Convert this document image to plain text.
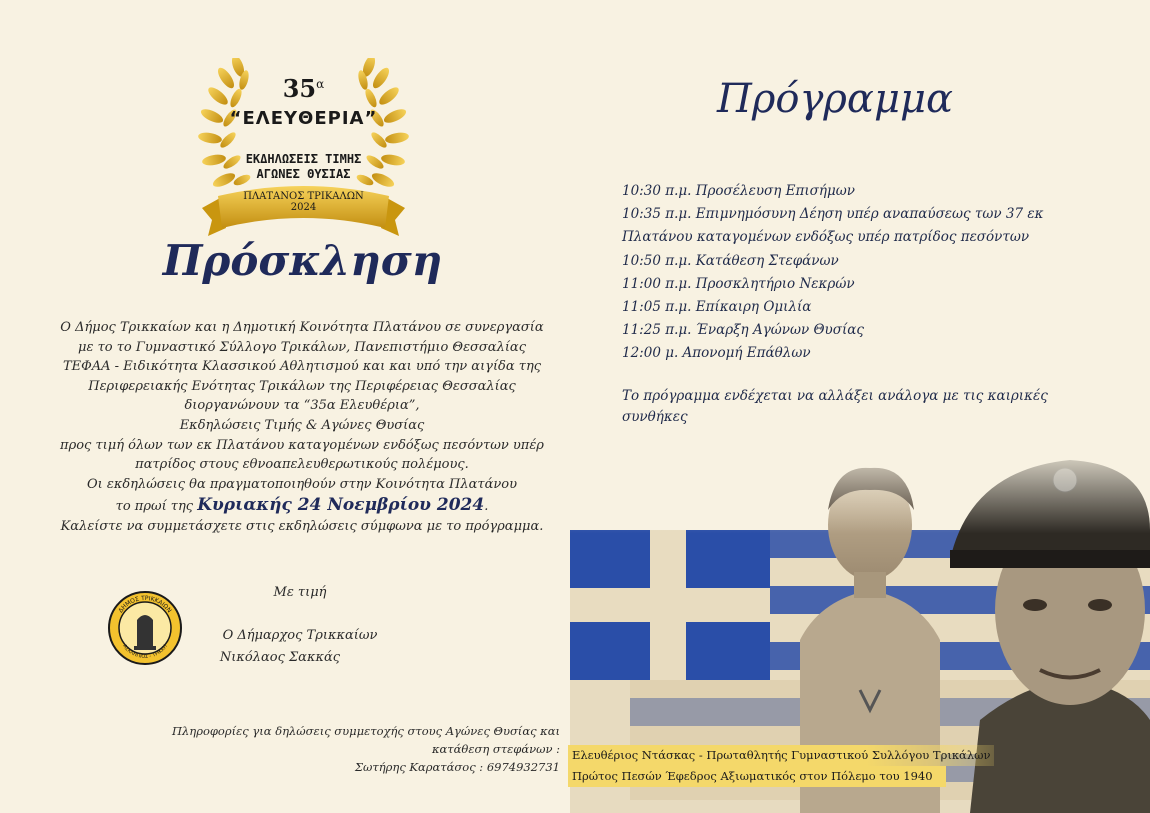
$35^\alpha$
“ΕΛΕΥΘΕΡΙΑ”
ΕΚΔΗΛΩΣΕΙΣ ΤΙΜΗΣ
ΑΓΩΝΕΣ ΘΥΣΙΑΣ
ΠΛΑΤΑΝΟΣ ΤΡΙΚΑΛΩΝ
2024
Πρόσκληση
Ο Δήμος Τρικκαίων και η Δημοτική Κοινότητα Πλατάνου σε συνεργασία
με το το Γυμναστικό Σύλλογο Τρικάλων, Πανεπιστήμιο Θεσσαλίας
ΤΕΦΑΑ - Ειδικότητα Κλασσικού Αθλητισμού και και υπό την αιγίδα της
Περιφερειακής Ενότητας Τρικάλων της Περιφέρειας Θεσσαλίας
διοργανώνουν τα “35α Ελευθέρια”,
Εκδηλώσεις Τιμής & Αγώνες Θυσίας
προς τιμή όλων των εκ Πλατάνου καταγομένων ενδόξως πεσόντων υπέρ
πατρίδος στους εθνοαπελευθερωτικούς πολέμους.
Οι εκδηλώσεις θα πραγματοποιηθούν στην Κοινότητα Πλατάνου
το πρωί της Κυριακής 24 Νοεμβρίου 2024.
Καλείστε να συμμετάσχετε στις εκδηλώσεις σύμφωνα με το πρόγραμμα.
ΔΗΜΟΣ ΤΡΙΚΚΑΙΩΝ
ΑΣΚΛΗΠΙΟΣ - ΤΡΙΚΚΗ
Με τιμή
Ο Δήμαρχος Τρικκαίων
Νικόλαος Σακκάς
Πληροφορίες για δηλώσεις συμμετοχής στους Αγώνες Θυσίας και
κατάθεση στεφάνων :
Σωτήρης Καρατάσος : 6974932731
Πρόγραμμα
10:30 π.μ. Προσέλευση Επισήμων
10:35 π.μ. Επιμνημόσυνη Δέηση υπέρ αναπαύσεως των 37 εκ
Πλατάνου καταγομένων ενδόξως υπέρ πατρίδος πεσόντων
10:50 π.μ. Κατάθεση Στεφάνων
11:00 π.μ. Προσκλητήριο Νεκρών
11:05 π.μ. Επίκαιρη Ομιλία
11:25 π.μ. Έναρξη Αγώνων Θυσίας
12:00 μ. Απονομή Επάθλων
Το πρόγραμμα ενδέχεται να αλλάξει ανάλογα με τις καιρικές συνθήκες
Ελευθέριος Ντάσκας - Πρωταθλητής Γυμναστικού Συλλόγου Τρικάλων
Πρώτος Πεσών Έφεδρος Αξιωματικός στον Πόλεμο του 1940
